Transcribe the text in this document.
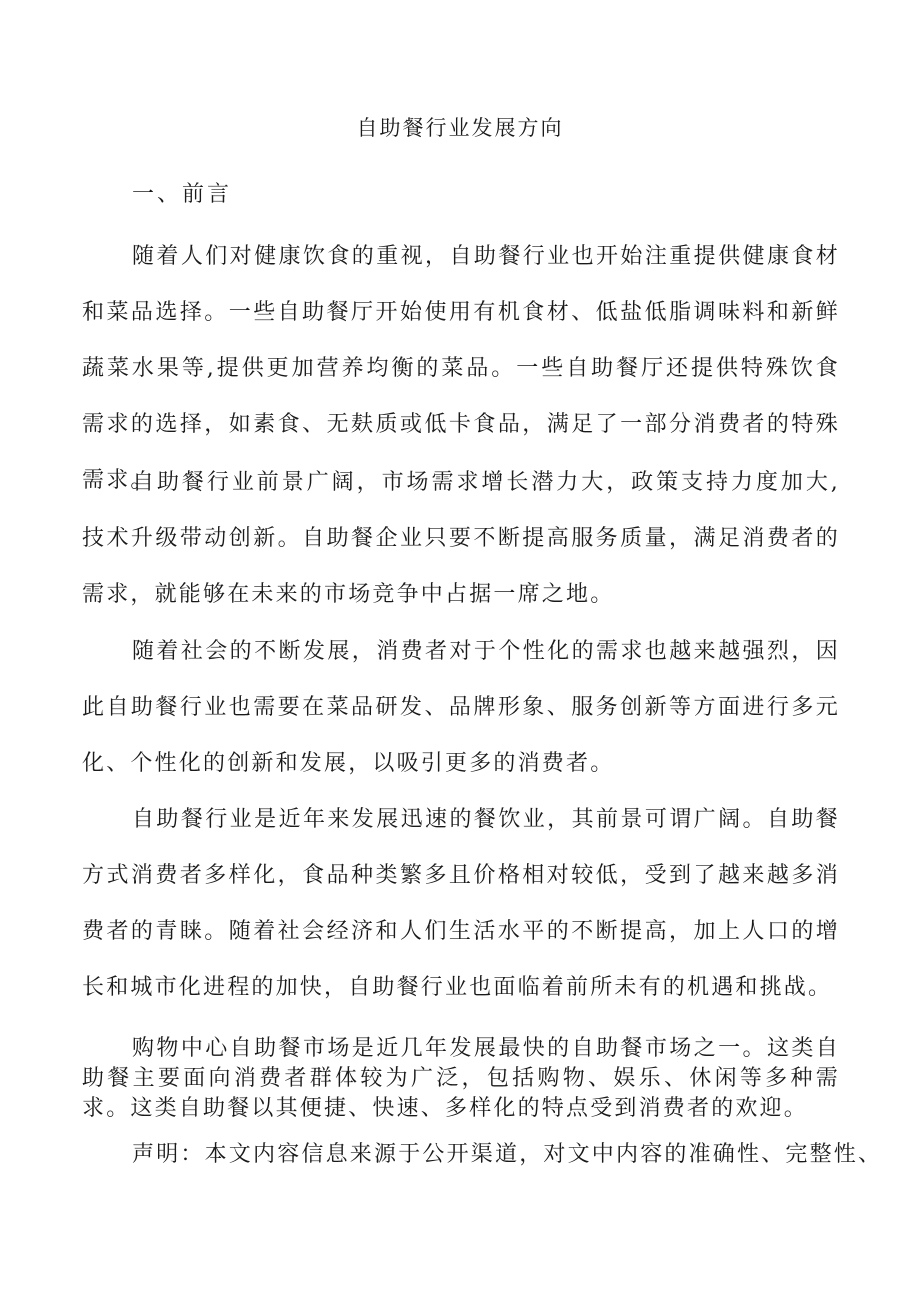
自助餐行业发展方向
一、前言

随着人们对健康饮食的重视，自助餐行业也开始注重提供健康食材和菜品选择。一些自助餐厅开始使用有机食材、低盐低脂调味料和新鲜蔬菜水果等,提供更加营养均衡的菜品。一些自助餐厅还提供特殊饮食需求的选择，如素食、无麸质或低卡食品，满足了一部分消费者的特殊需求。

自助餐行业前景广阔，市场需求增长潜力大，政策支持力度加大,技术升级带动创新。自助餐企业只要不断提高服务质量，满足消费者的需求，就能够在未来的市场竞争中占据一席之地。

随着社会的不断发展，消费者对于个性化的需求也越来越强烈，因此自助餐行业也需要在菜品研发、品牌形象、服务创新等方面进行多元化、个性化的创新和发展，以吸引更多的消费者。

自助餐行业是近年来发展迅速的餐饮业，其前景可谓广阔。自助餐方式消费者多样化，食品种类繁多且价格相对较低，受到了越来越多消费者的青睐。随着社会经济和人们生活水平的不断提高，加上人口的增长和城市化进程的加快，自助餐行业也面临着前所未有的机遇和挑战。

购物中心自助餐市场是近几年发展最快的自助餐市场之一。这类自助餐主要面向消费者群体较为广泛，包括购物、娱乐、休闲等多种需求。这类自助餐以其便捷、快速、多样化的特点受到消费者的欢迎。

声明：本文内容信息来源于公开渠道，对文中内容的准确性、完整性、
